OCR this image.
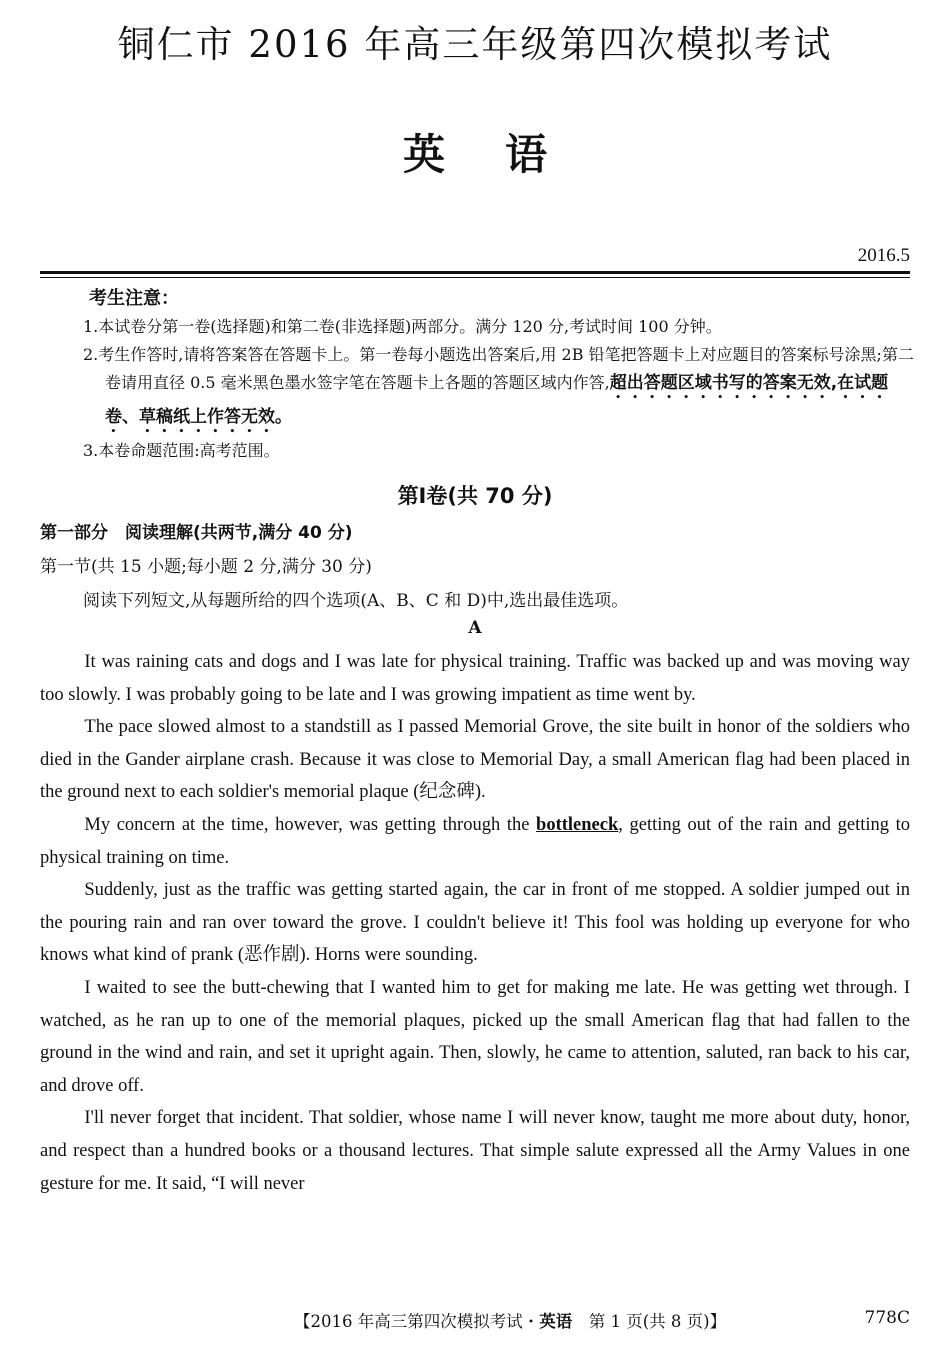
铜仁市 2016 年高三年级第四次模拟考试
英 语
2016.5
考生注意：
1.本试卷分第一卷(选择题)和第二卷(非选择题)两部分。满分 120 分,考试时间 100 分钟。
2.考生作答时,请将答案答在答题卡上。第一卷每小题选出答案后,用 2B 铅笔把答题卡上对应题目的答案标号涂黑;第二卷请用直径 0.5 毫米黑色墨水签字笔在答题卡上各题的答题区域内作答,超出答题区域书写的答案无效,在试题卷、草稿纸上作答无效。
3.本卷命题范围:高考范围。
第Ⅰ卷(共 70 分)
第一部分　阅读理解(共两节,满分 40 分)
第一节(共 15 小题;每小题 2 分,满分 30 分)
阅读下列短文,从每题所给的四个选项(A、B、C 和 D)中,选出最佳选项。
A

It was raining cats and dogs and I was late for physical training. Traffic was backed up and was moving way too slowly. I was probably going to be late and I was growing impatient as time went by.

The pace slowed almost to a standstill as I passed Memorial Grove, the site built in honor of the soldiers who died in the Gander airplane crash. Because it was close to Memorial Day, a small American flag had been placed in the ground next to each soldier's memorial plaque (纪念碑).

My concern at the time, however, was getting through the bottleneck, getting out of the rain and getting to physical training on time.

Suddenly, just as the traffic was getting started again, the car in front of me stopped. A soldier jumped out in the pouring rain and ran over toward the grove. I couldn't believe it! This fool was holding up everyone for who knows what kind of prank (恶作剧). Horns were sounding.

I waited to see the butt-chewing that I wanted him to get for making me late. He was getting wet through. I watched, as he ran up to one of the memorial plaques, picked up the small American flag that had fallen to the ground in the wind and rain, and set it upright again. Then, slowly, he came to attention, saluted, ran back to his car, and drove off.

I'll never forget that incident. That soldier, whose name I will never know, taught me more about duty, honor, and respect than a hundred books or a thousand lectures. That simple salute expressed all the Army Values in one gesture for me. It said, “I will never

【2016 年高三第四次模拟考试・英语　第 1 页(共 8 页)】	778C
